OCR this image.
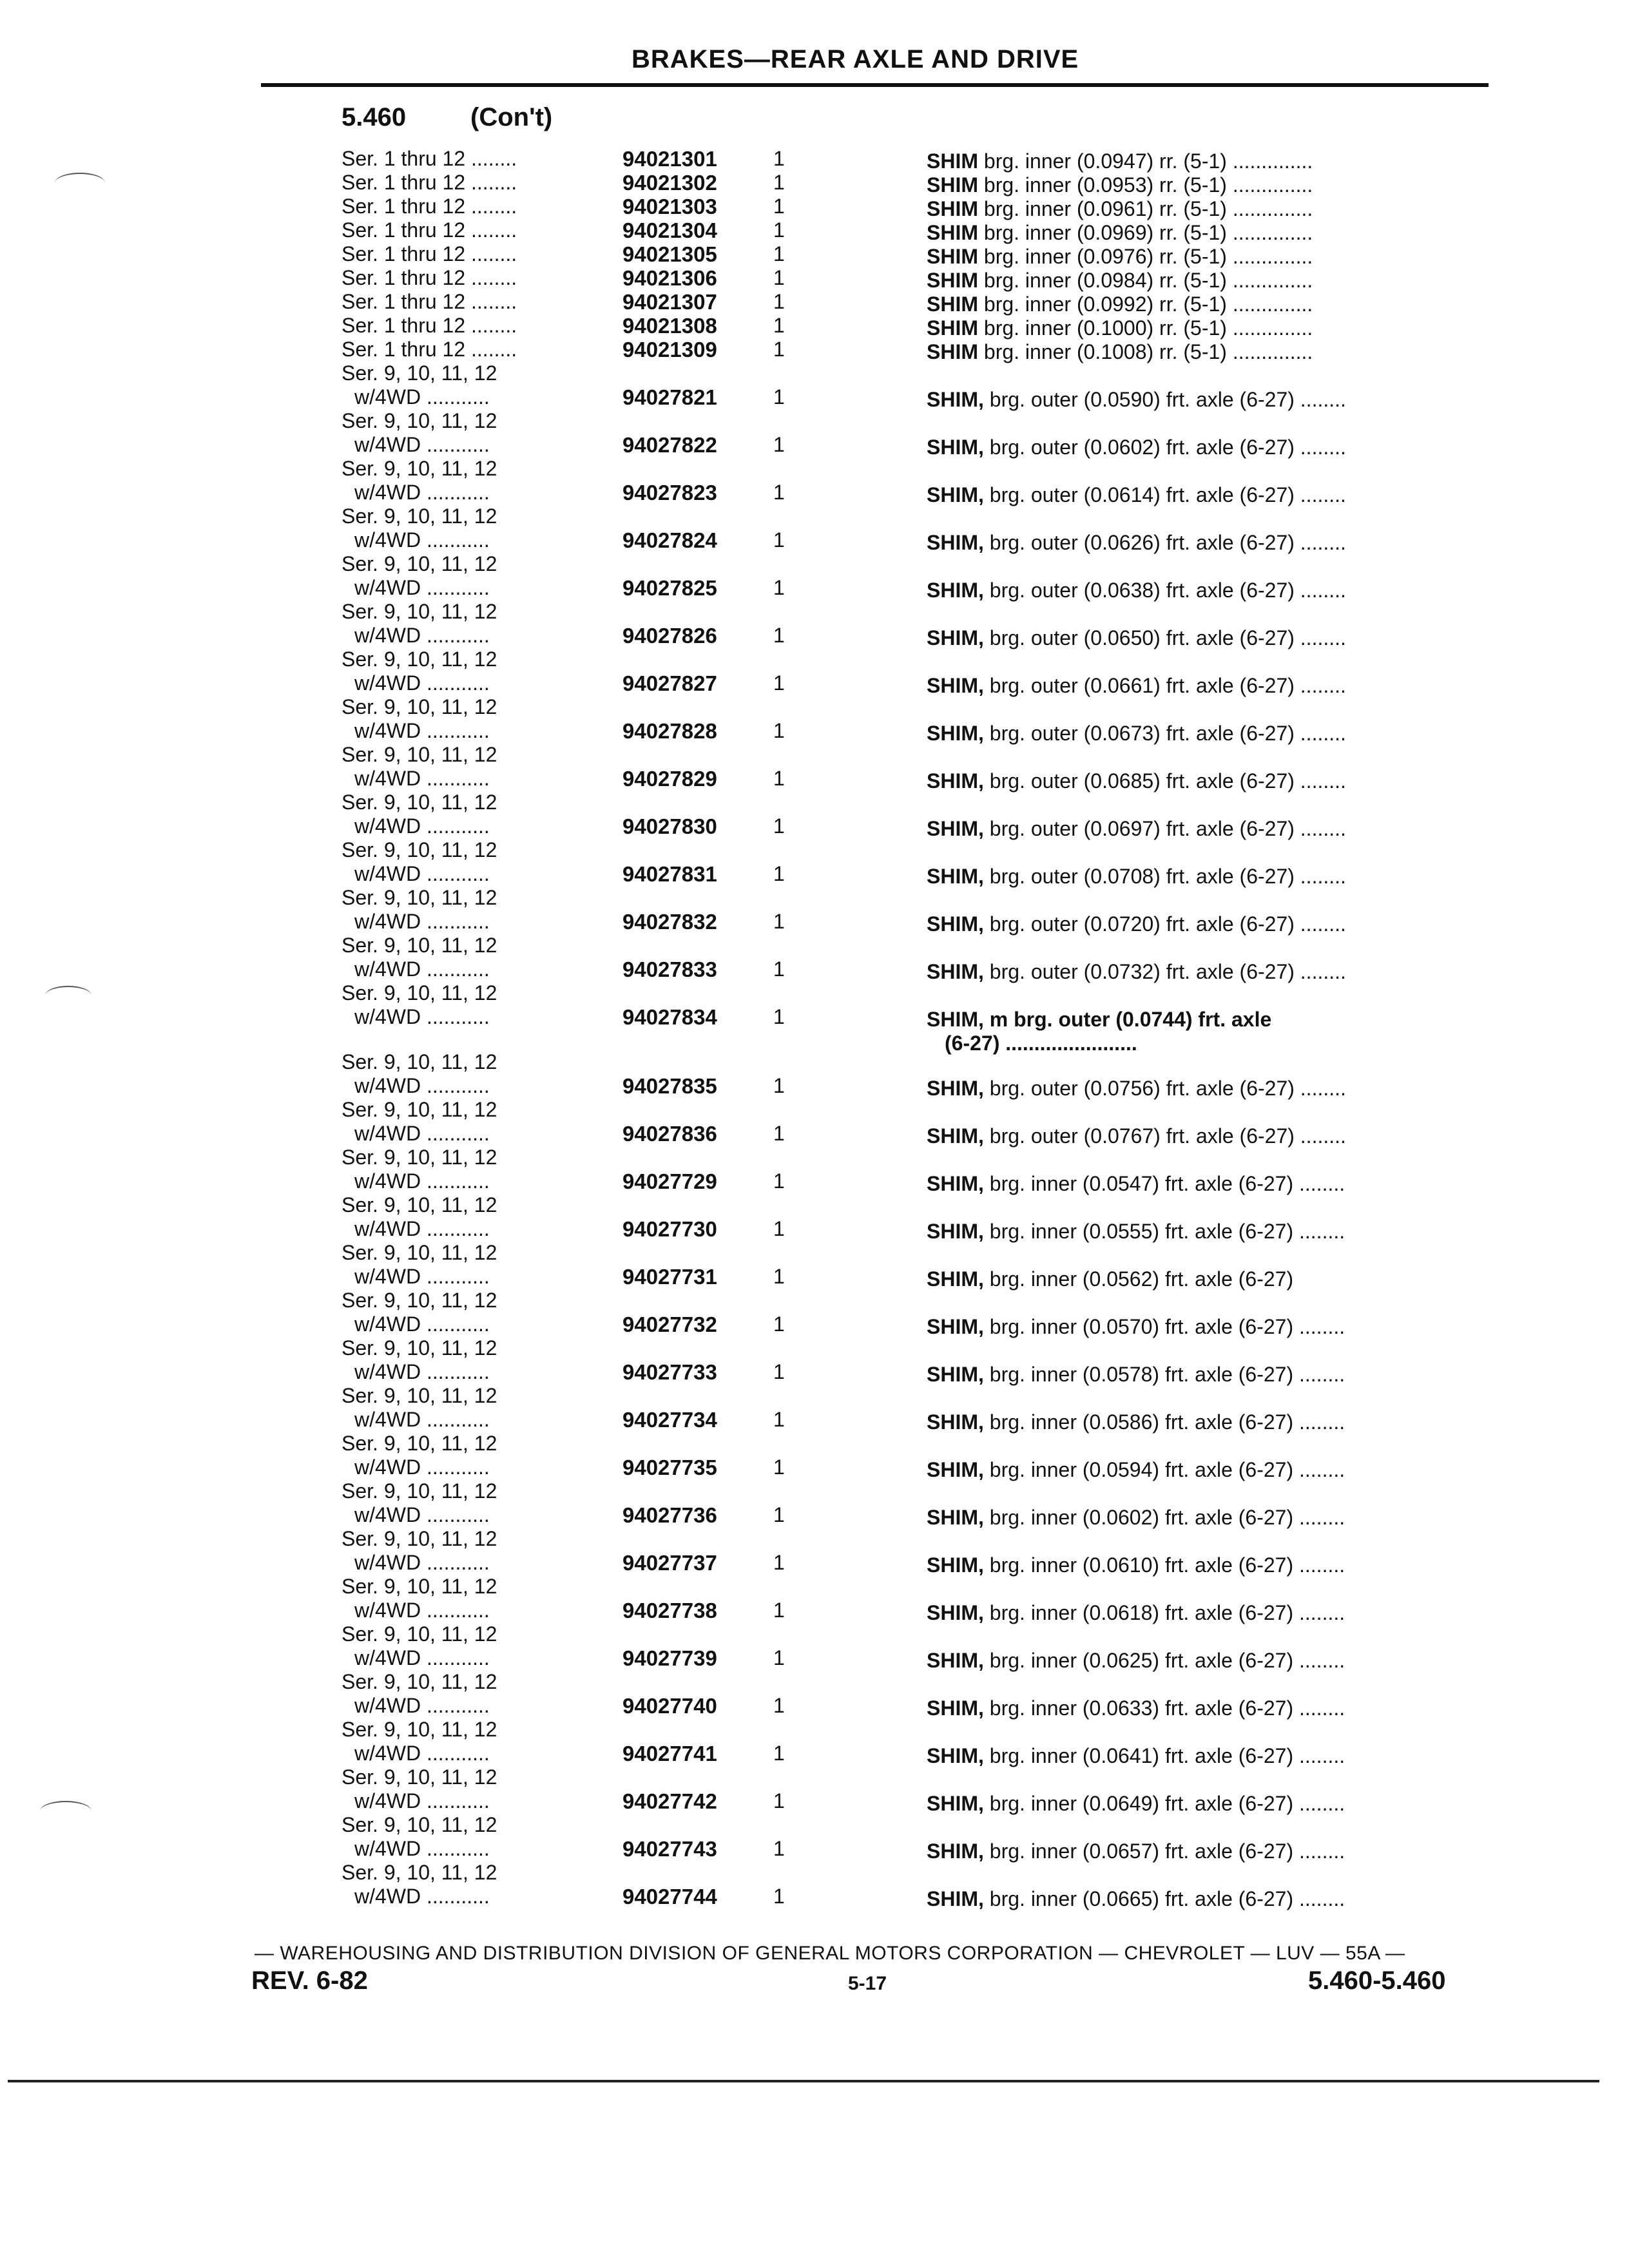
BRAKES—REAR AXLE AND DRIVE
5.460 (Con't)
Ser. 1 thru 12 ........	94021301	1	SHIM brg. inner (0.0947) rr. (5-1) ..............
Ser. 1 thru 12 ........	94021302	1	SHIM brg. inner (0.0953) rr. (5-1) ..............
Ser. 1 thru 12 ........	94021303	1	SHIM brg. inner (0.0961) rr. (5-1) ..............
Ser. 1 thru 12 ........	94021304	1	SHIM brg. inner (0.0969) rr. (5-1) ..............
Ser. 1 thru 12 ........	94021305	1	SHIM brg. inner (0.0976) rr. (5-1) ..............
Ser. 1 thru 12 ........	94021306	1	SHIM brg. inner (0.0984) rr. (5-1) ..............
Ser. 1 thru 12 ........	94021307	1	SHIM brg. inner (0.0992) rr. (5-1) ..............
Ser. 1 thru 12 ........	94021308	1	SHIM brg. inner (0.1000) rr. (5-1) ..............
Ser. 1 thru 12 ........	94021309	1	SHIM brg. inner (0.1008) rr. (5-1) ..............
Ser. 9, 10, 11, 12
w/4WD ...........	94027821	1	SHIM, brg. outer (0.0590) frt. axle (6-27) ........
Ser. 9, 10, 11, 12
w/4WD ...........	94027822	1	SHIM, brg. outer (0.0602) frt. axle (6-27) ........
Ser. 9, 10, 11, 12
w/4WD ...........	94027823	1	SHIM, brg. outer (0.0614) frt. axle (6-27) ........
Ser. 9, 10, 11, 12
w/4WD ...........	94027824	1	SHIM, brg. outer (0.0626) frt. axle (6-27) ........
Ser. 9, 10, 11, 12
w/4WD ...........	94027825	1	SHIM, brg. outer (0.0638) frt. axle (6-27) ........
Ser. 9, 10, 11, 12
w/4WD ...........	94027826	1	SHIM, brg. outer (0.0650) frt. axle (6-27) ........
Ser. 9, 10, 11, 12
w/4WD ...........	94027827	1	SHIM, brg. outer (0.0661) frt. axle (6-27) ........
Ser. 9, 10, 11, 12
w/4WD ...........	94027828	1	SHIM, brg. outer (0.0673) frt. axle (6-27) ........
Ser. 9, 10, 11, 12
w/4WD ...........	94027829	1	SHIM, brg. outer (0.0685) frt. axle (6-27) ........
Ser. 9, 10, 11, 12
w/4WD ...........	94027830	1	SHIM, brg. outer (0.0697) frt. axle (6-27) ........
Ser. 9, 10, 11, 12
w/4WD ...........	94027831	1	SHIM, brg. outer (0.0708) frt. axle (6-27) ........
Ser. 9, 10, 11, 12
w/4WD ...........	94027832	1	SHIM, brg. outer (0.0720) frt. axle (6-27) ........
Ser. 9, 10, 11, 12
w/4WD ...........	94027833	1	SHIM, brg. outer (0.0732) frt. axle (6-27) ........
Ser. 9, 10, 11, 12
w/4WD ...........	94027834	1	SHIM, m brg. outer (0.0744) frt. axle
(6-27) .......................
Ser. 9, 10, 11, 12
w/4WD ...........	94027835	1	SHIM, brg. outer (0.0756) frt. axle (6-27) ........
Ser. 9, 10, 11, 12
w/4WD ...........	94027836	1	SHIM, brg. outer (0.0767) frt. axle (6-27) ........
Ser. 9, 10, 11, 12
w/4WD ...........	94027729	1	SHIM, brg. inner (0.0547) frt. axle (6-27) ........
Ser. 9, 10, 11, 12
w/4WD ...........	94027730	1	SHIM, brg. inner (0.0555) frt. axle (6-27) ........
Ser. 9, 10, 11, 12
w/4WD ...........	94027731	1	SHIM, brg. inner (0.0562) frt. axle (6-27)
Ser. 9, 10, 11, 12
w/4WD ...........	94027732	1	SHIM, brg. inner (0.0570) frt. axle (6-27) ........
Ser. 9, 10, 11, 12
w/4WD ...........	94027733	1	SHIM, brg. inner (0.0578) frt. axle (6-27) ........
Ser. 9, 10, 11, 12
w/4WD ...........	94027734	1	SHIM, brg. inner (0.0586) frt. axle (6-27) ........
Ser. 9, 10, 11, 12
w/4WD ...........	94027735	1	SHIM, brg. inner (0.0594) frt. axle (6-27) ........
Ser. 9, 10, 11, 12
w/4WD ...........	94027736	1	SHIM, brg. inner (0.0602) frt. axle (6-27) ........
Ser. 9, 10, 11, 12
w/4WD ...........	94027737	1	SHIM, brg. inner (0.0610) frt. axle (6-27) ........
Ser. 9, 10, 11, 12
w/4WD ...........	94027738	1	SHIM, brg. inner (0.0618) frt. axle (6-27) ........
Ser. 9, 10, 11, 12
w/4WD ...........	94027739	1	SHIM, brg. inner (0.0625) frt. axle (6-27) ........
Ser. 9, 10, 11, 12
w/4WD ...........	94027740	1	SHIM, brg. inner (0.0633) frt. axle (6-27) ........
Ser. 9, 10, 11, 12
w/4WD ...........	94027741	1	SHIM, brg. inner (0.0641) frt. axle (6-27) ........
Ser. 9, 10, 11, 12
w/4WD ...........	94027742	1	SHIM, brg. inner (0.0649) frt. axle (6-27) ........
Ser. 9, 10, 11, 12
w/4WD ...........	94027743	1	SHIM, brg. inner (0.0657) frt. axle (6-27) ........
Ser. 9, 10, 11, 12
w/4WD ...........	94027744	1	SHIM, brg. inner (0.0665) frt. axle (6-27) ........
— WAREHOUSING AND DISTRIBUTION DIVISION OF GENERAL MOTORS CORPORATION — CHEVROLET — LUV — 55A —
REV. 6-82	5-17	5.460-5.460
